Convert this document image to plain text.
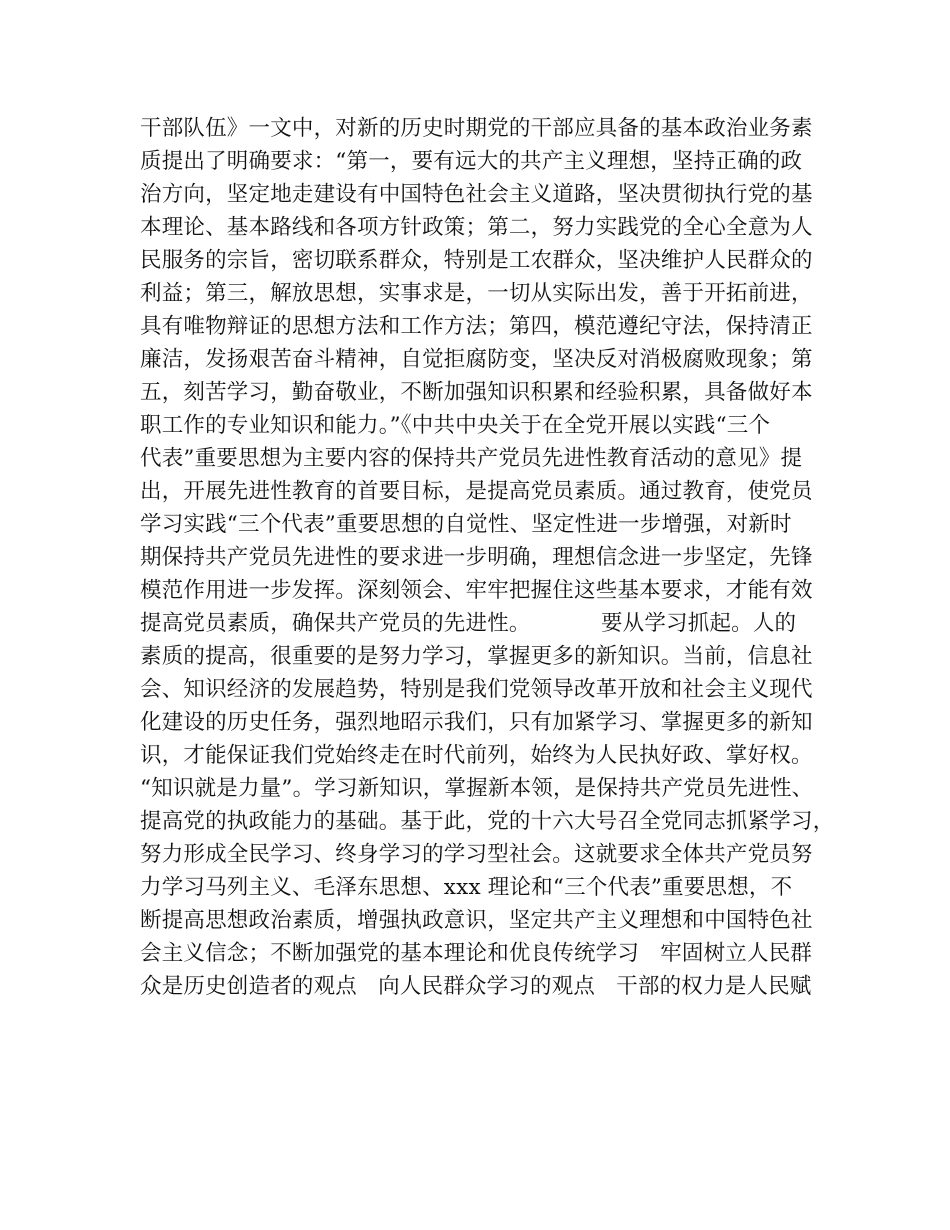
干部队伍》一文中，对新的历史时期党的干部应具备的基本政治业务素

质提出了明确要求：“第一，要有远大的共产主义理想，坚持正确的政

治方向，坚定地走建设有中国特色社会主义道路，坚决贯彻执行党的基

本理论、基本路线和各项方针政策；第二，努力实践党的全心全意为人

民服务的宗旨，密切联系群众，特别是工农群众，坚决维护人民群众的

利益；第三，解放思想，实事求是，一切从实际出发，善于开拓前进，

具有唯物辩证的思想方法和工作方法；第四，模范遵纪守法，保持清正

廉洁，发扬艰苦奋斗精神，自觉拒腐防变，坚决反对消极腐败现象；第

五，刻苦学习，勤奋敬业，不断加强知识积累和经验积累，具备做好本

职工作的专业知识和能力。”《中共中央关于在全党开展以实践“三个

代表”重要思想为主要内容的保持共产党员先进性教育活动的意见》提

出，开展先进性教育的首要目标，是提高党员素质。通过教育，使党员

学习实践“三个代表”重要思想的自觉性、坚定性进一步增强，对新时

期保持共产党员先进性的要求进一步明确，理想信念进一步坚定，先锋

模范作用进一步发挥。深刻领会、牢牢把握住这些基本要求，才能有效

提高党员素质，确保共产党员的先进性。          要从学习抓起。人的

素质的提高，很重要的是努力学习，掌握更多的新知识。当前，信息社

会、知识经济的发展趋势，特别是我们党领导改革开放和社会主义现代

化建设的历史任务，强烈地昭示我们，只有加紧学习、掌握更多的新知

识，才能保证我们党始终走在时代前列，始终为人民执好政、掌好权。

“知识就是力量”。学习新知识，掌握新本领，是保持共产党员先进性、

提高党的执政能力的基础。基于此，党的十六大号召全党同志抓紧学习，

努力形成全民学习、终身学习的学习型社会。这就要求全体共产党员努

力学习马列主义、毛泽东思想、xxx 理论和“三个代表”重要思想，不

断提高思想政治素质，增强执政意识，坚定共产主义理想和中国特色社

会主义信念；不断加强党的基本理论和优良传统学习   牢固树立人民群

众是历史创造者的观点   向人民群众学习的观点   干部的权力是人民赋
